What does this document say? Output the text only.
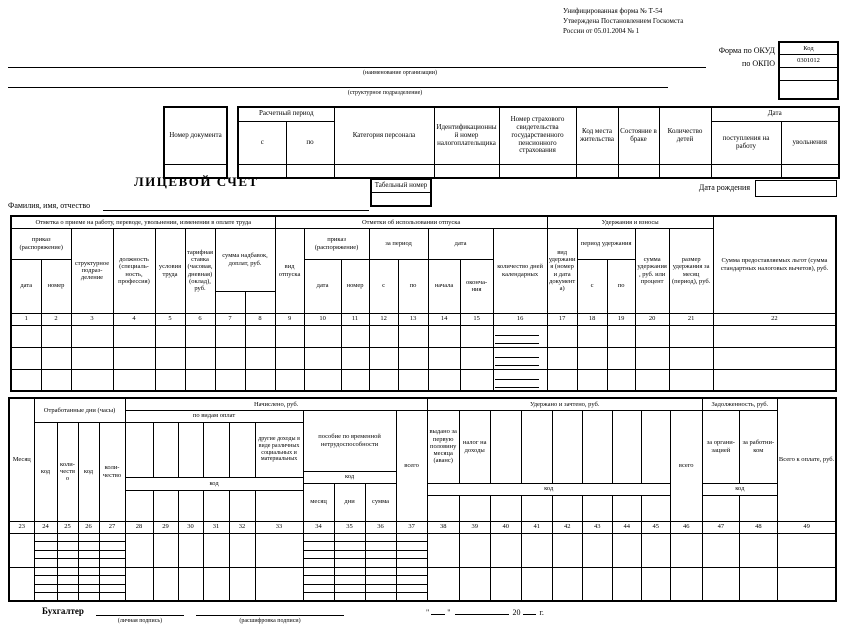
Унифицированная форма № Т-54
Утверждена Постановлением Госкомста
России от 05.01.2004 № 1
Код
0301012

Форма по ОКУД
по ОКПО
(наименование организации)
(структурное подразделение)
Номер документа

Расчетный период		Категория персонала	Идентификационный номер налогоплательщика	Номер страхового свидетельства государственного пенсионного страхования	Код места жительства	Состояние в браке	Количество детей	Дата	
с	по							поступления на работу	увольнения

ЛИЦЕВОЙ СЧЕТ	Табельный номер	Дата рождения
Фамилия, имя, отчество
Отметка о приеме на работу, переводе, увольнении, изменении в оплате труда								Отметки об использовании отпуска								Удержания и взносы					Сумма предоставляемых льгот (сумма стандартных налоговых вычетов), руб.
приказ (распоряжение)		структурное подраз-деление	должность (специаль-ность, профессия)	условия труда	тарифная ставка (часовая, дневная) (оклад), руб.	сумма надбавок, доплат, руб.		вид отпуска	приказ (распоряжение)		за период		дата		количество дней календарных	вид удержания (номер и дата документа)	период удержания		сумма удержания, руб. или процент	размер удержания за месяц (период), руб.	
дата	номер								дата	номер	с	по	начала	оконча-ния			с	по			

1	2	3	4	5	6	7	8	9	10	11	12	13	14	15	16	17	18	19	20	21	22

Месяц	Отработанные дни (часы)				Начислено, руб.										Удержано и зачтено, руб.									Задолженность, руб.		Всего к оплате, руб.
					по видам оплат						пособие по временной нетрудоспособности			всего	выдано за первую половину месяца (аванс)	налог на доходы							всего	за органи-зацией	за работни-ком	
	код	коли-чество	код	коли-чество						другие доходы в виде различных социальных и материальных																
											код															
					код																					
											месяц	дни	сумма		код									код		

23	24	25	26	27	28	29	30	31	32	33	34	35	36	37	38	39	40	41	42	43	44	45	46	47	48	49

Бухгалтер
(личная подпись)	(расшифровка подписи)
" "	20 г.
